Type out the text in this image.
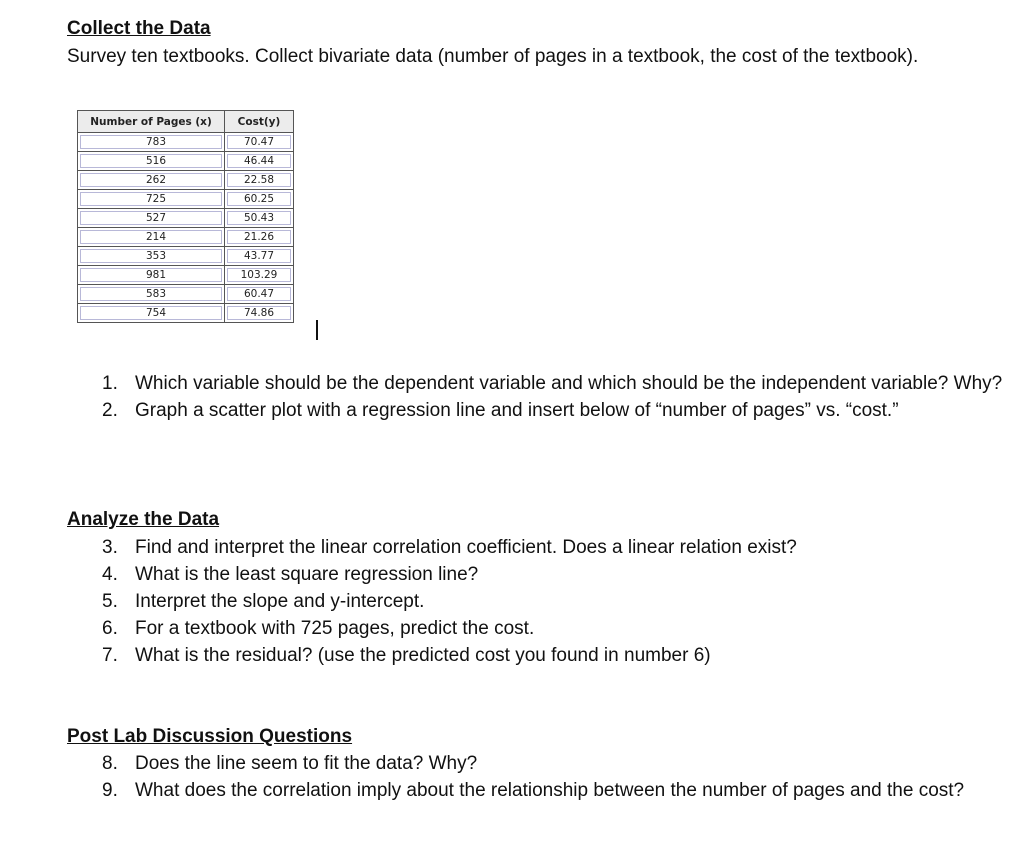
Collect the Data

Survey ten textbooks. Collect bivariate data (number of pages in a textbook, the cost of the textbook).

Number of Pages (x)	Cost(y)
783	70.47
516	46.44
262	22.58
725	60.25
527	50.43
214	21.26
353	43.77
981	103.29
583	60.47
754	74.86
1. Which variable should be the dependent variable and which should be the independent variable? Why?
2. Graph a scatter plot with a regression line and insert below of “number of pages” vs. “cost.”
Analyze the Data
3. Find and interpret the linear correlation coefficient. Does a linear relation exist?
4. What is the least square regression line?
5. Interpret the slope and y-intercept.
6. For a textbook with 725 pages, predict the cost.
7. What is the residual? (use the predicted cost you found in number 6)
Post Lab Discussion Questions
8. Does the line seem to fit the data? Why?
9. What does the correlation imply about the relationship between the number of pages and the cost?
